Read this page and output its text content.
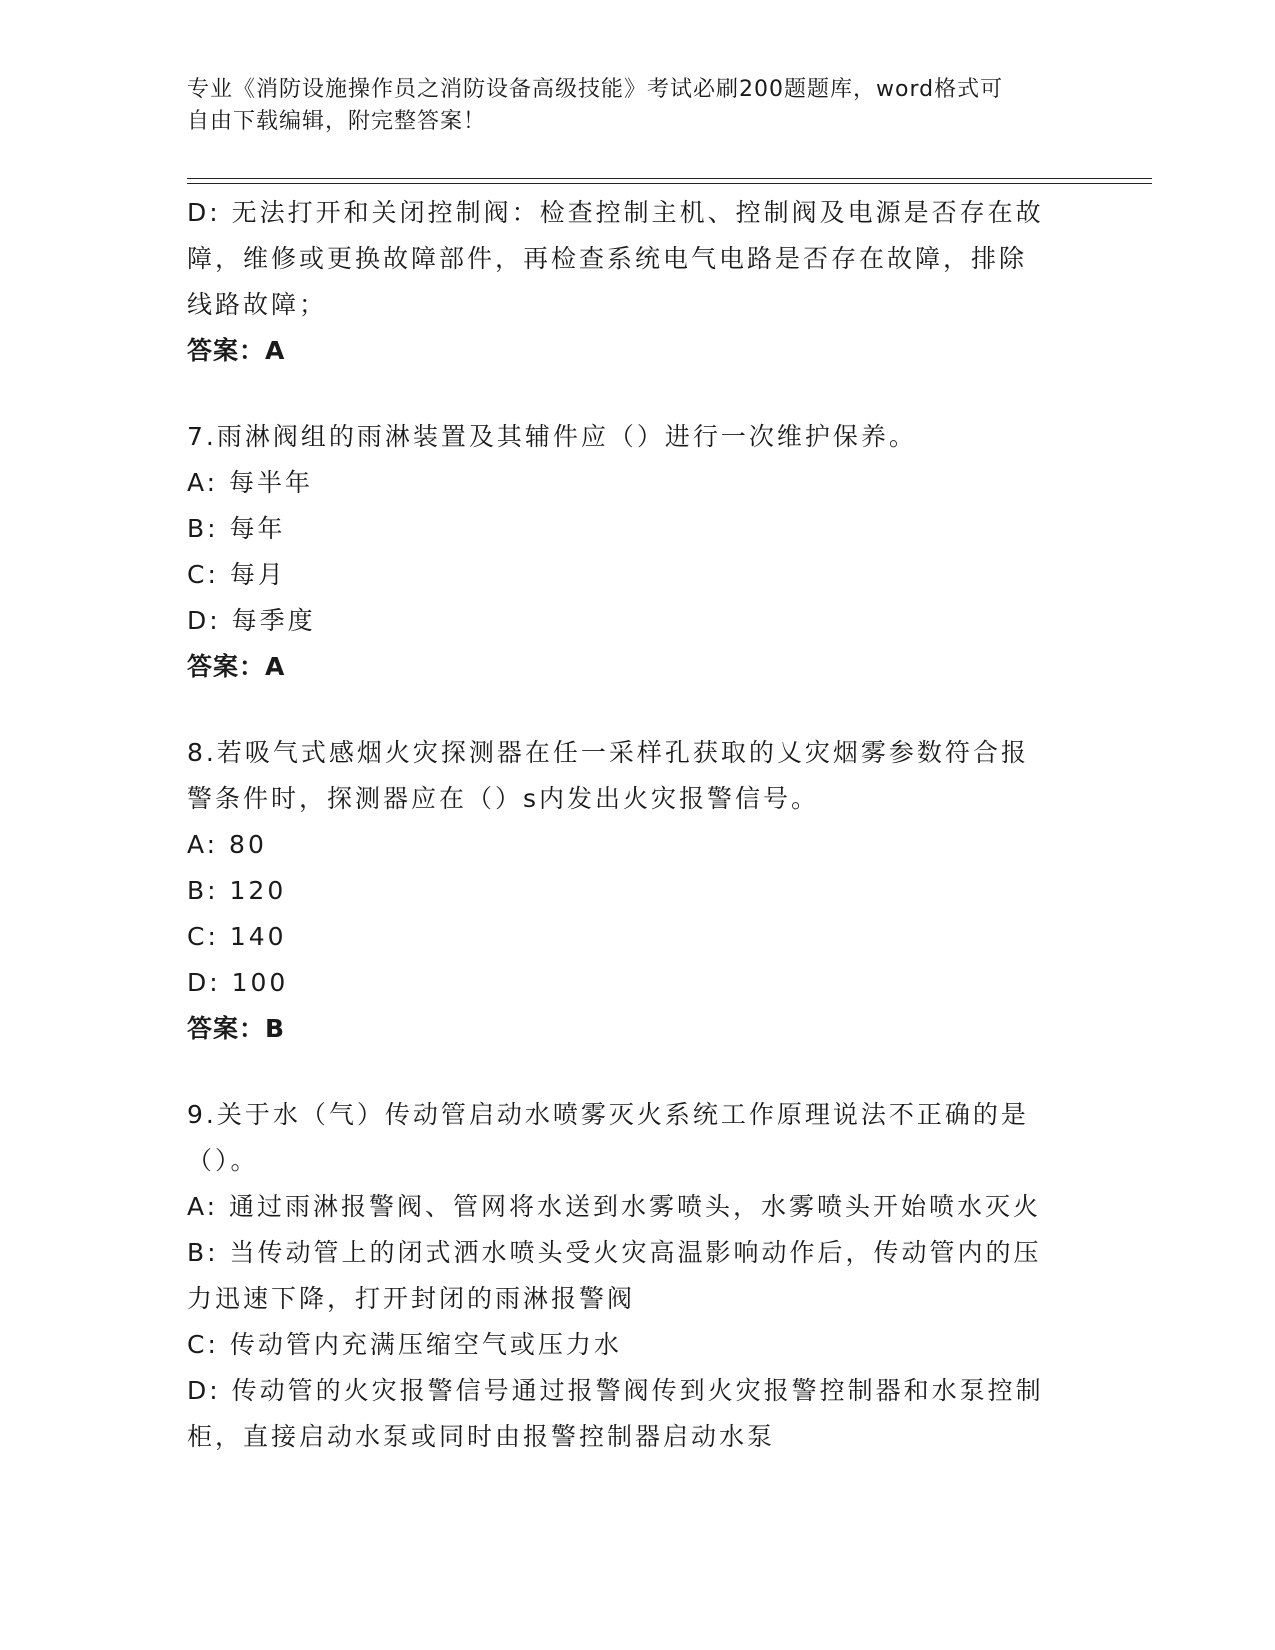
专业《消防设施操作员之消防设备高级技能》考试必刷200题题库，word格式可
自由下载编辑，附完整答案！
D: 无法打开和关闭控制阀：检查控制主机、控制阀及电源是否存在故
障，维修或更换故障部件，再检查系统电气电路是否存在故障，排除
线路故障；
答案：A
7.雨淋阀组的雨淋装置及其辅件应（）进行一次维护保养。
A: 每半年
B: 每年
C: 每月
D: 每季度
答案：A
8.若吸气式感烟火灾探测器在任一采样孔获取的乂灾烟雾参数符合报
警条件时，探测器应在（）s内发出火灾报警信号。
A: 80
B: 120
C: 140
D: 100
答案：B
9.关于水（气）传动管启动水喷雾灭火系统工作原理说法不正确的是
（）。
A: 通过雨淋报警阀、管网将水送到水雾喷头，水雾喷头开始喷水灭火
B: 当传动管上的闭式洒水喷头受火灾高温影响动作后，传动管内的压
力迅速下降，打开封闭的雨淋报警阀
C: 传动管内充满压缩空气或压力水
D: 传动管的火灾报警信号通过报警阀传到火灾报警控制器和水泵控制
柜，直接启动水泵或同时由报警控制器启动水泵
